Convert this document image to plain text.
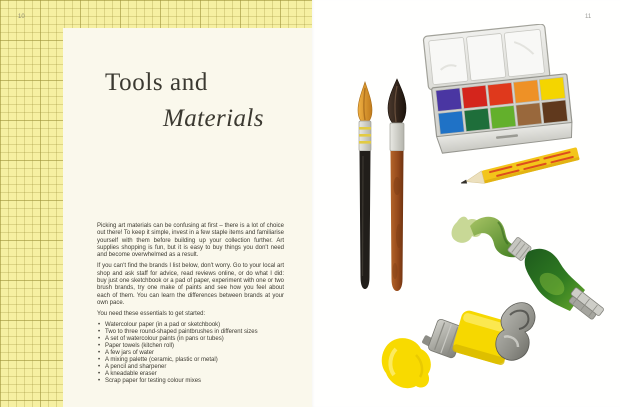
Tools and
Materials

Picking art materials can be confusing at first – there is a lot of choice out there! To keep it simple, invest in a few staple items and familiarise yourself with them before building up your collection further. Art supplies shopping is fun, but it is easy to buy things you don't need and become overwhelmed as a result.

If you can't find the brands I list below, don't worry. Go to your local art shop and ask staff for advice, read reviews online, or do what I did: buy just one sketchbook or a pad of paper, experiment with one or two brush brands, try one make of paints and see how you feel about each of them. You can learn the differences between brands at your own pace.

You need these essentials to get started:

• Watercolour paper (in a pad or sketchbook)
• Two to three round-shaped paintbrushes in different sizes
• A set of watercolour paints (in pans or tubes)
• Paper towels (kitchen roll)
• A few jars of water
• A mixing palette (ceramic, plastic or metal)
• A pencil and sharpener
• A kneadable eraser
• Scrap paper for testing colour mixes
10	11
